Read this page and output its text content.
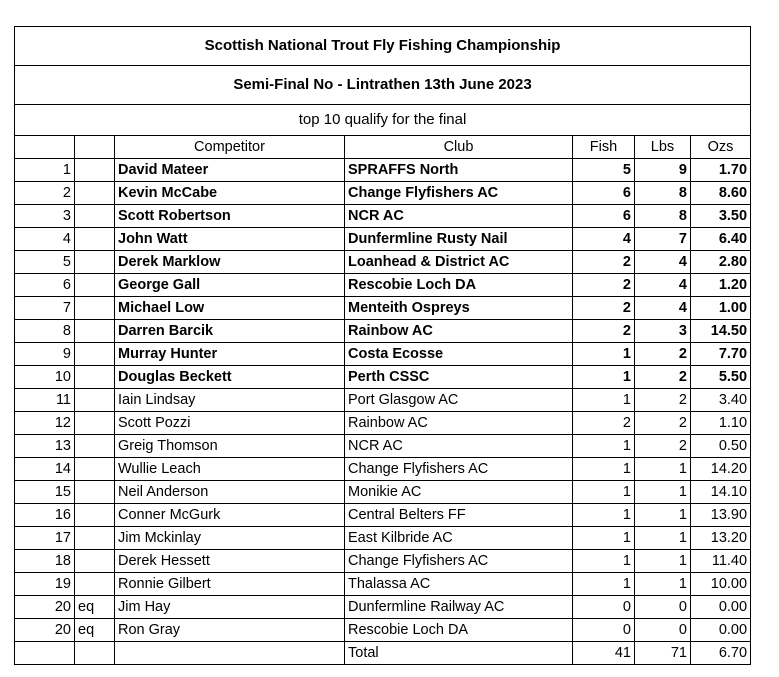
Scottish National Trout Fly Fishing Championship						
Semi-Final No - Lintrathen 13th June 2023						
top 10 qualify for the final						
		Competitor	Club	Fish	Lbs	Ozs
1		David Mateer	SPRAFFS North	5	9	1.70
2		Kevin McCabe	Change Flyfishers AC	6	8	8.60
3		Scott Robertson	NCR AC	6	8	3.50
4		John Watt	Dunfermline Rusty Nail	4	7	6.40
5		Derek Marklow	Loanhead & District AC	2	4	2.80
6		George Gall	Rescobie Loch DA	2	4	1.20
7		Michael Low	Menteith Ospreys	2	4	1.00
8		Darren Barcik	Rainbow AC	2	3	14.50
9		Murray Hunter	Costa Ecosse	1	2	7.70
10		Douglas Beckett	Perth CSSC	1	2	5.50
11		Iain Lindsay	Port Glasgow AC	1	2	3.40
12		Scott Pozzi	Rainbow AC	2	2	1.10
13		Greig Thomson	NCR AC	1	2	0.50
14		Wullie Leach	Change Flyfishers AC	1	1	14.20
15		Neil Anderson	Monikie AC	1	1	14.10
16		Conner McGurk	Central Belters FF	1	1	13.90
17		Jim Mckinlay	East Kilbride AC	1	1	13.20
18		Derek Hessett	Change Flyfishers AC	1	1	11.40
19		Ronnie Gilbert	Thalassa AC	1	1	10.00
20	eq	Jim Hay	Dunfermline Railway AC	0	0	0.00
20	eq	Ron Gray	Rescobie Loch DA	0	0	0.00
			Total	41	71	6.70
